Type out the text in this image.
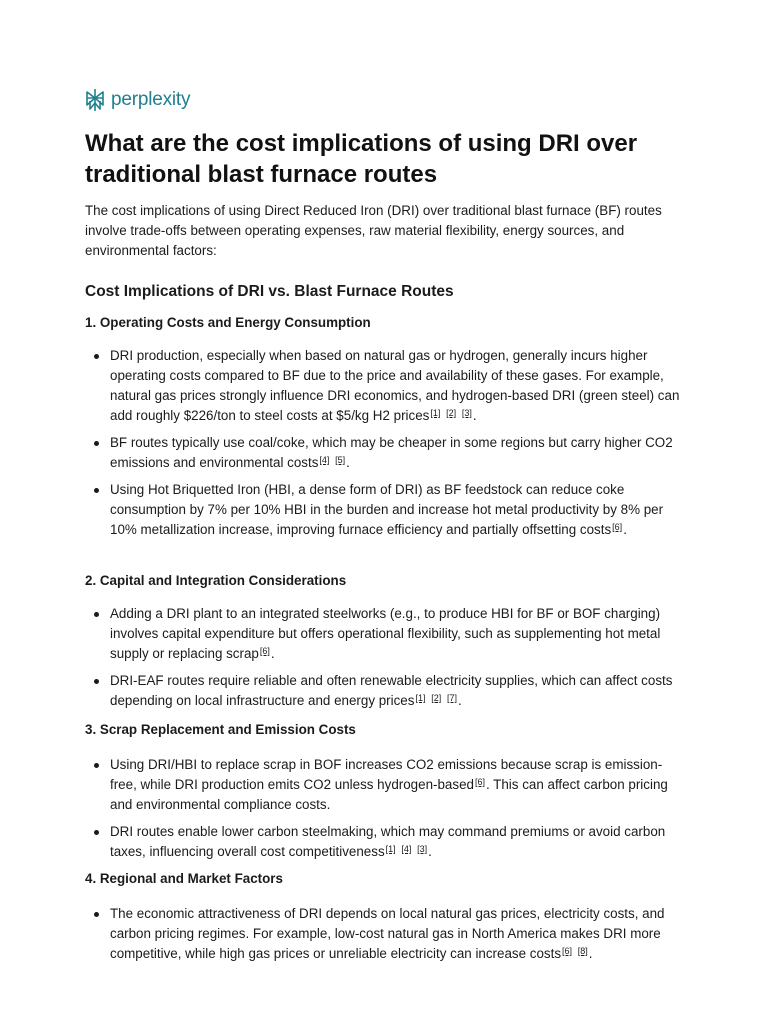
perplexity
What are the cost implications of using DRI over traditional blast furnace routes

The cost implications of using Direct Reduced Iron (DRI) over traditional blast furnace (BF) routes involve trade-offs between operating expenses, raw material flexibility, energy sources, and environmental factors:

Cost Implications of DRI vs. Blast Furnace Routes
1. Operating Costs and Energy Consumption
DRI production, especially when based on natural gas or hydrogen, generally incurs higher operating costs compared to BF due to the price and availability of these gases. For example, natural gas prices strongly influence DRI economics, and hydrogen-based DRI (green steel) can add roughly $226/ton to steel costs at $5/kg H2 prices[1] [2] [3].
BF routes typically use coal/coke, which may be cheaper in some regions but carry higher CO2 emissions and environmental costs[4] [5].
Using Hot Briquetted Iron (HBI, a dense form of DRI) as BF feedstock can reduce coke consumption by 7% per 10% HBI in the burden and increase hot metal productivity by 8% per 10% metallization increase, improving furnace efficiency and partially offsetting costs[6].
2. Capital and Integration Considerations
Adding a DRI plant to an integrated steelworks (e.g., to produce HBI for BF or BOF charging) involves capital expenditure but offers operational flexibility, such as supplementing hot metal supply or replacing scrap[6].
DRI-EAF routes require reliable and often renewable electricity supplies, which can affect costs depending on local infrastructure and energy prices[1] [2] [7].
3. Scrap Replacement and Emission Costs
Using DRI/HBI to replace scrap in BOF increases CO2 emissions because scrap is emission-free, while DRI production emits CO2 unless hydrogen-based[6]. This can affect carbon pricing and environmental compliance costs.
DRI routes enable lower carbon steelmaking, which may command premiums or avoid carbon taxes, influencing overall cost competitiveness[1] [4] [3].
4. Regional and Market Factors
The economic attractiveness of DRI depends on local natural gas prices, electricity costs, and carbon pricing regimes. For example, low-cost natural gas in North America makes DRI more competitive, while high gas prices or unreliable electricity can increase costs[6] [8].
